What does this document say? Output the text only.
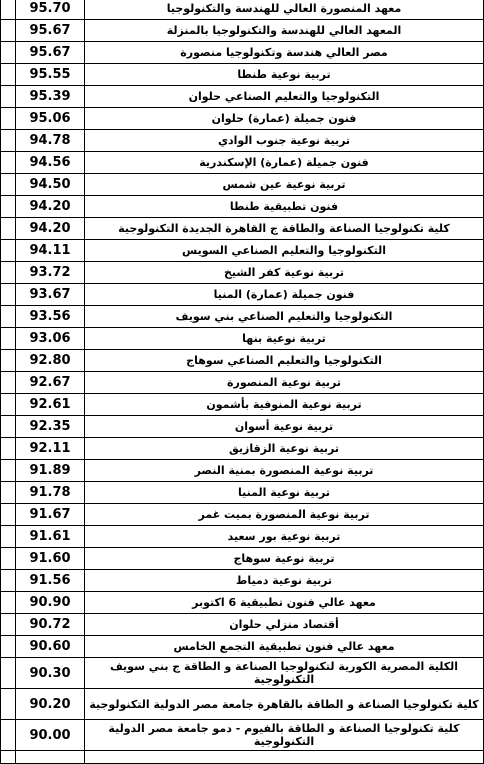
	95.70	معهد المنصورة العالي للهندسة والتكنولوجيا
	95.67	المعهد العالي للهندسة والتكنولوجيا بالمنزلة
	95.67	مصر العالي هندسة وتكنولوجيا منصورة
	95.55	تربية نوعية طنطا
	95.39	التكنولوجيا والتعليم الصناعي حلوان
	95.06	فنون جميلة (عمارة) حلوان
	94.78	تربية نوعية جنوب الوادي
	94.56	فنون جميلة (عمارة) الإسكندرية
	94.50	تربية نوعية عين شمس
	94.20	فنون تطبيقية طنطا
	94.20	كلية تكنولوجيا الصناعة والطاقة ج القاهرة الجديدة التكنولوجية
	94.11	التكنولوجيا والتعليم الصناعي السويس
	93.72	تربية نوعية كفر الشيخ
	93.67	فنون جميلة (عمارة) المنيا
	93.56	التكنولوجيا والتعليم الصناعي بني سويف
	93.06	تربية نوعية بنها
	92.80	التكنولوجيا والتعليم الصناعي سوهاج
	92.67	تربية نوعية المنصورة
	92.61	تربية نوعية المنوفية بأشمون
	92.35	تربية نوعية أسوان
	92.11	تربية نوعية الزقازيق
	91.89	تربية نوعية المنصورة بمنية النصر
	91.78	تربية نوعية المنيا
	91.67	تربية نوعية المنصورة بميت غمر
	91.61	تربية نوعية بور سعيد
	91.60	تربية نوعية سوهاج
	91.56	تربية نوعية دمياط
	90.90	معهد عالي فنون تطبيقية 6 اكتوبر
	90.72	أقتصاد منزلي حلوان
	90.60	معهد عالي فنون تطبيقية التجمع الخامس
	90.30	الكلية المصرية الكورية لتكنولوجيا الصناعة و الطاقة ج بني سويف التكنولوجية
	90.20	كلية تكنولوجيا الصناعة و الطاقة بالقاهرة جامعة مصر الدولية التكنولوجية
	90.00	كلية تكنولوجيا الصناعة و الطاقة بالفيوم - دمو جامعة مصر الدولية التكنولوجية
